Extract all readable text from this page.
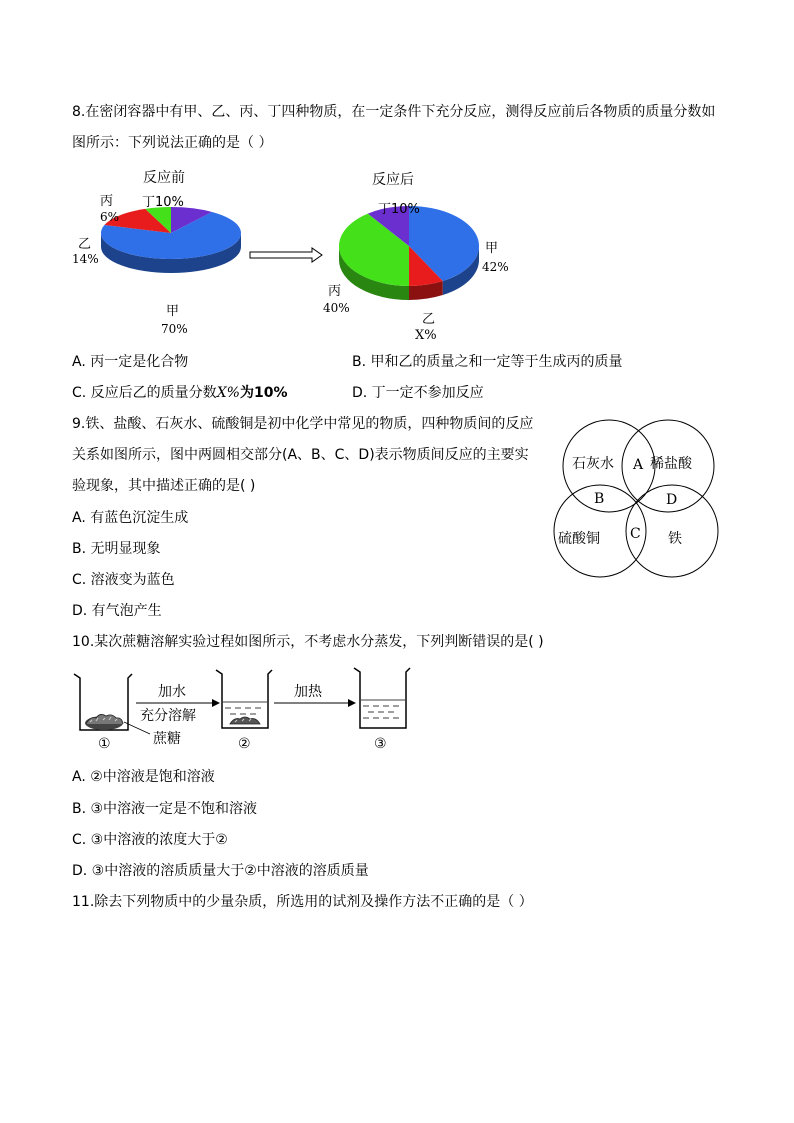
8.在密闭容器中有甲、乙、丙、丁四种物质，在一定条件下充分反应，测得反应前后各物质的质量分数如
图所示：下列说法正确的是（ ）
反应前
丙
6%
丁10%
乙
14%
甲
70%
反应后
丁10%
甲
42%
丙
40%
乙
X%
A. 丙一定是化合物	B. 甲和乙的质量之和一定等于生成丙的质量
C. 反应后乙的质量分数X%为10%	D. 丁一定不参加反应
9.铁、盐酸、石灰水、硫酸铜是初中化学中常见的物质，四种物质间的反应
关系如图所示，图中两圆相交部分(A、B、C、D)表示物质间反应的主要实
验现象，其中描述正确的是( )
A. 有蓝色沉淀生成
B. 无明显现象
C. 溶液变为蓝色
D. 有气泡产生
石灰水	稀盐酸
硫酸铜	铁
A
B
C
D
10.某次蔗糖溶解实验过程如图所示，不考虑水分蒸发，下列判断错误的是( )
加水
充分溶解
加热
蔗糖
①	②	③
A. ②中溶液是饱和溶液
B. ③中溶液一定是不饱和溶液
C. ③中溶液的浓度大于②
D. ③中溶液的溶质质量大于②中溶液的溶质质量
11.除去下列物质中的少量杂质，所选用的试剂及操作方法不正确的是（ ）
